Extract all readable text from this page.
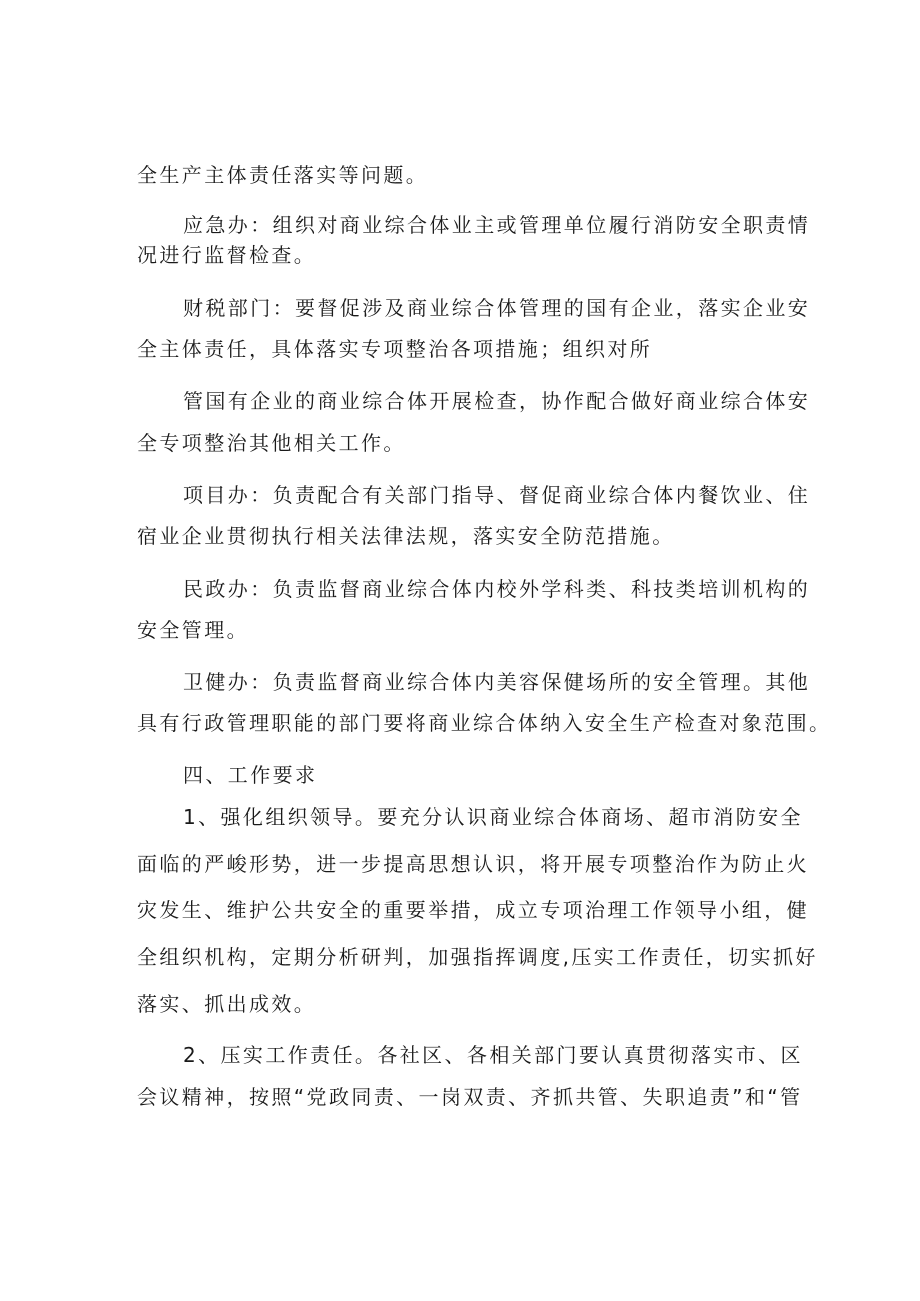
全生产主体责任落实等问题。
应急办：组织对商业综合体业主或管理单位履行消防安全职责情
况进行监督检查。
财税部门：要督促涉及商业综合体管理的国有企业，落实企业安
全主体责任，具体落实专项整治各项措施；组织对所
管国有企业的商业综合体开展检查，协作配合做好商业综合体安
全专项整治其他相关工作。
项目办：负责配合有关部门指导、督促商业综合体内餐饮业、住
宿业企业贯彻执行相关法律法规，落实安全防范措施。
民政办：负责监督商业综合体内校外学科类、科技类培训机构的
安全管理。
卫健办：负责监督商业综合体内美容保健场所的安全管理。其他
具有行政管理职能的部门要将商业综合体纳入安全生产检查对象范围。
四、工作要求
1、强化组织领导。要充分认识商业综合体商场、超市消防安全
面临的严峻形势，进一步提高思想认识，将开展专项整治作为防止火
灾发生、维护公共安全的重要举措，成立专项治理工作领导小组，健
全组织机构，定期分析研判，加强指挥调度,压实工作责任，切实抓好
落实、抓出成效。
2、压实工作责任。各社区、各相关部门要认真贯彻落实市、区
会议精神，按照“党政同责、一岗双责、齐抓共管、失职追责”和“管
